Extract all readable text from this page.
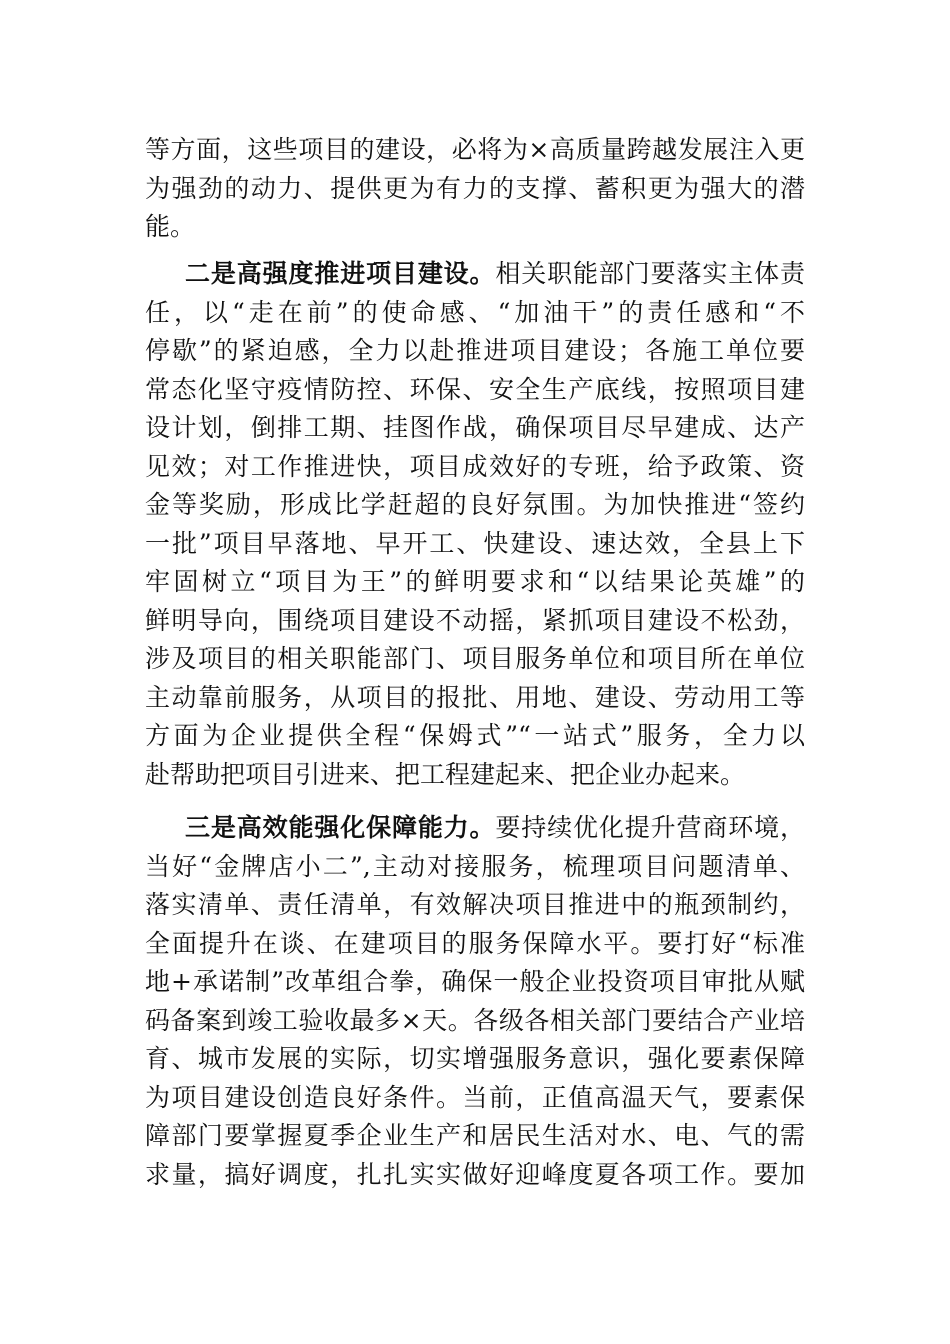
等方面，这些项目的建设，必将为×高质量跨越发展注入更
为强劲的动力、提供更为有力的支撑、蓄积更为强大的潜
能。
二是高强度推进项目建设。相关职能部门要落实主体责
任，以“走在前”的使命感、“加油干”的责任感和“不
停歇”的紧迫感，全力以赴推进项目建设；各施工单位要
常态化坚守疫情防控、环保、安全生产底线，按照项目建
设计划，倒排工期、挂图作战，确保项目尽早建成、达产
见效；对工作推进快，项目成效好的专班，给予政策、资
金等奖励，形成比学赶超的良好氛围。为加快推进“签约
一批”项目早落地、早开工、快建设、速达效，全县上下
牢固树立“项目为王”的鲜明要求和“以结果论英雄”的
鲜明导向，围绕项目建设不动摇，紧抓项目建设不松劲，
涉及项目的相关职能部门、项目服务单位和项目所在单位
主动靠前服务，从项目的报批、用地、建设、劳动用工等
方面为企业提供全程“保姆式”“一站式”服务，全力以
赴帮助把项目引进来、把工程建起来、把企业办起来。
三是高效能强化保障能力。要持续优化提升营商环境，
当好“金牌店小二”,主动对接服务，梳理项目问题清单、
落实清单、责任清单，有效解决项目推进中的瓶颈制约，
全面提升在谈、在建项目的服务保障水平。要打好“标准
地+承诺制”改革组合拳，确保一般企业投资项目审批从赋
码备案到竣工验收最多×天。各级各相关部门要结合产业培
育、城市发展的实际，切实增强服务意识，强化要素保障
为项目建设创造良好条件。当前，正值高温天气，要素保
障部门要掌握夏季企业生产和居民生活对水、电、气的需
求量，搞好调度，扎扎实实做好迎峰度夏各项工作。要加
